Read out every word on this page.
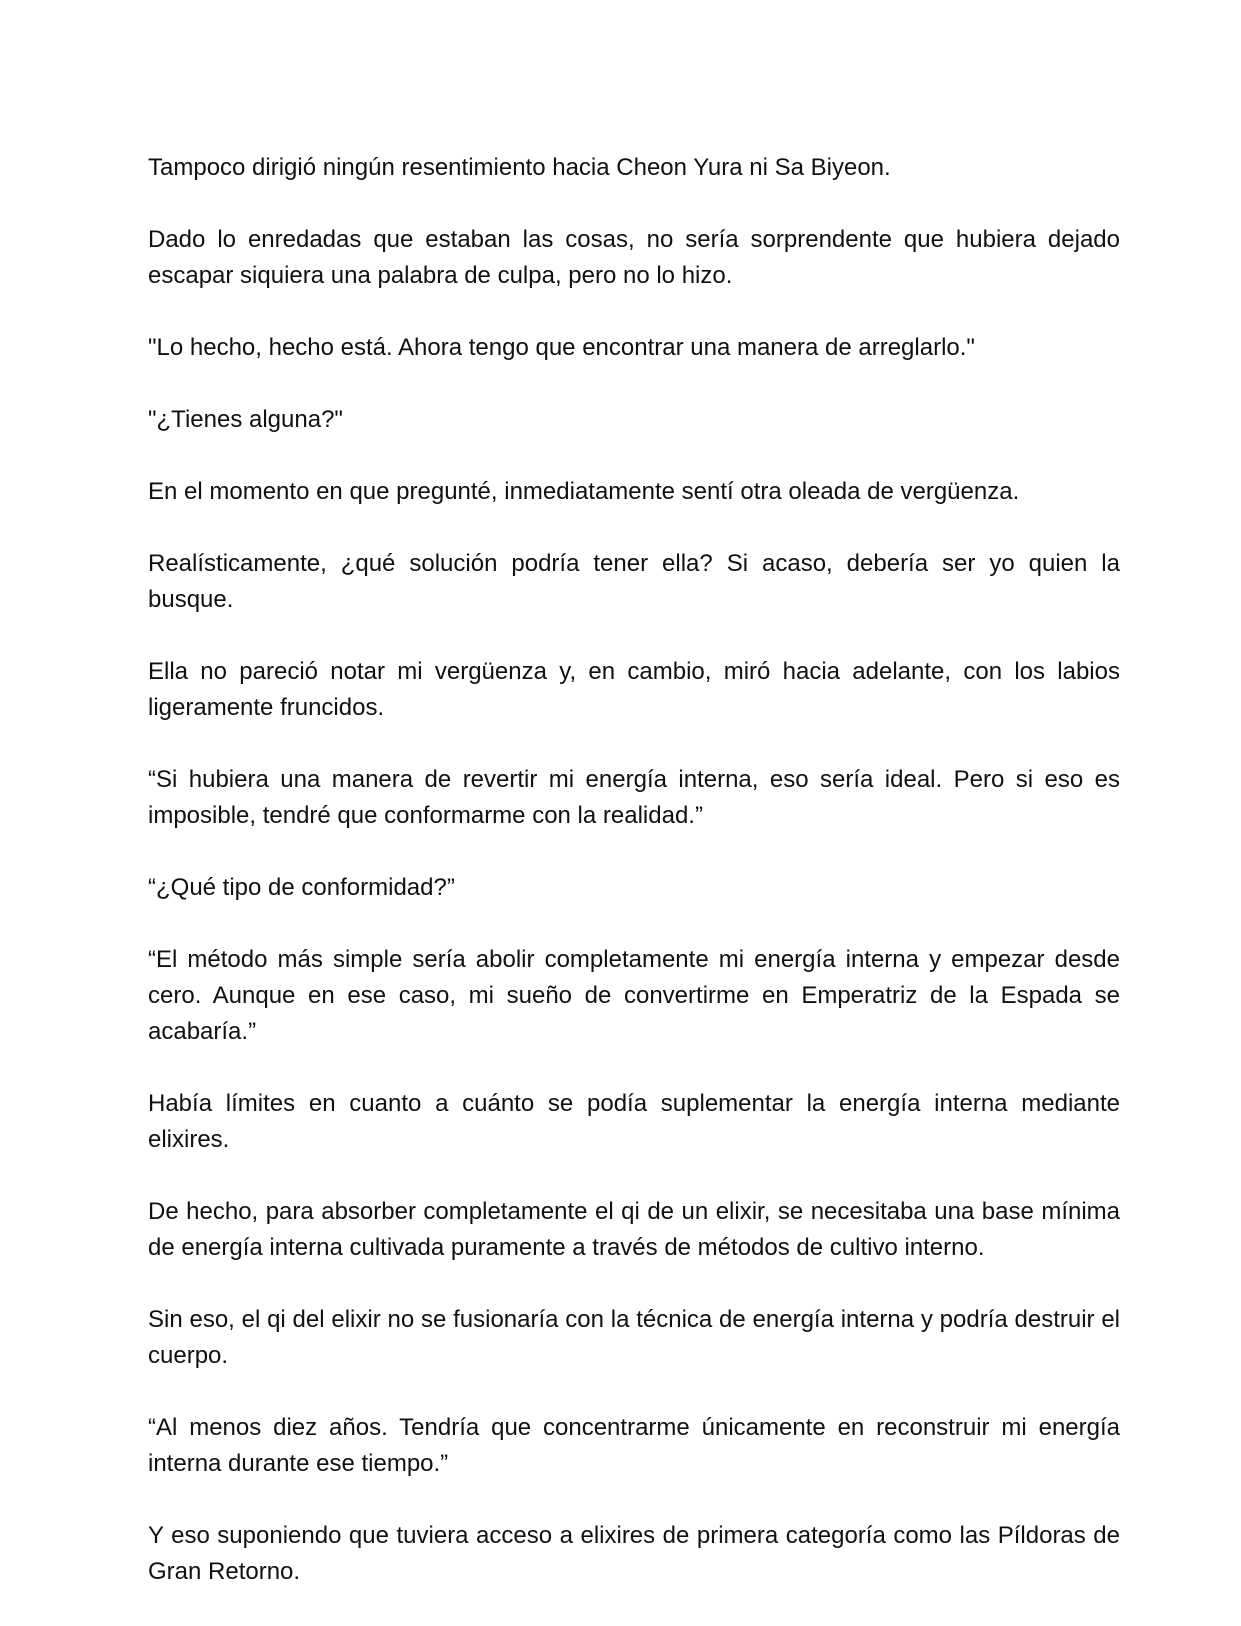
Tampoco dirigió ningún resentimiento hacia Cheon Yura ni Sa Biyeon.

Dado lo enredadas que estaban las cosas, no sería sorprendente que hubiera dejado escapar siquiera una palabra de culpa, pero no lo hizo.

"Lo hecho, hecho está. Ahora tengo que encontrar una manera de arreglarlo."

"¿Tienes alguna?"

En el momento en que pregunté, inmediatamente sentí otra oleada de vergüenza.

Realísticamente, ¿qué solución podría tener ella? Si acaso, debería ser yo quien la busque.

Ella no pareció notar mi vergüenza y, en cambio, miró hacia adelante, con los labios ligeramente fruncidos.

“Si hubiera una manera de revertir mi energía interna, eso sería ideal. Pero si eso es imposible, tendré que conformarme con la realidad.”

“¿Qué tipo de conformidad?”

“El método más simple sería abolir completamente mi energía interna y empezar desde cero. Aunque en ese caso, mi sueño de convertirme en Emperatriz de la Espada se acabaría.”

Había límites en cuanto a cuánto se podía suplementar la energía interna mediante elixires.

De hecho, para absorber completamente el qi de un elixir, se necesitaba una base mínima de energía interna cultivada puramente a través de métodos de cultivo interno.

Sin eso, el qi del elixir no se fusionaría con la técnica de energía interna y podría destruir el cuerpo.

“Al menos diez años. Tendría que concentrarme únicamente en reconstruir mi energía interna durante ese tiempo.”

Y eso suponiendo que tuviera acceso a elixires de primera categoría como las Píldoras de Gran Retorno.
